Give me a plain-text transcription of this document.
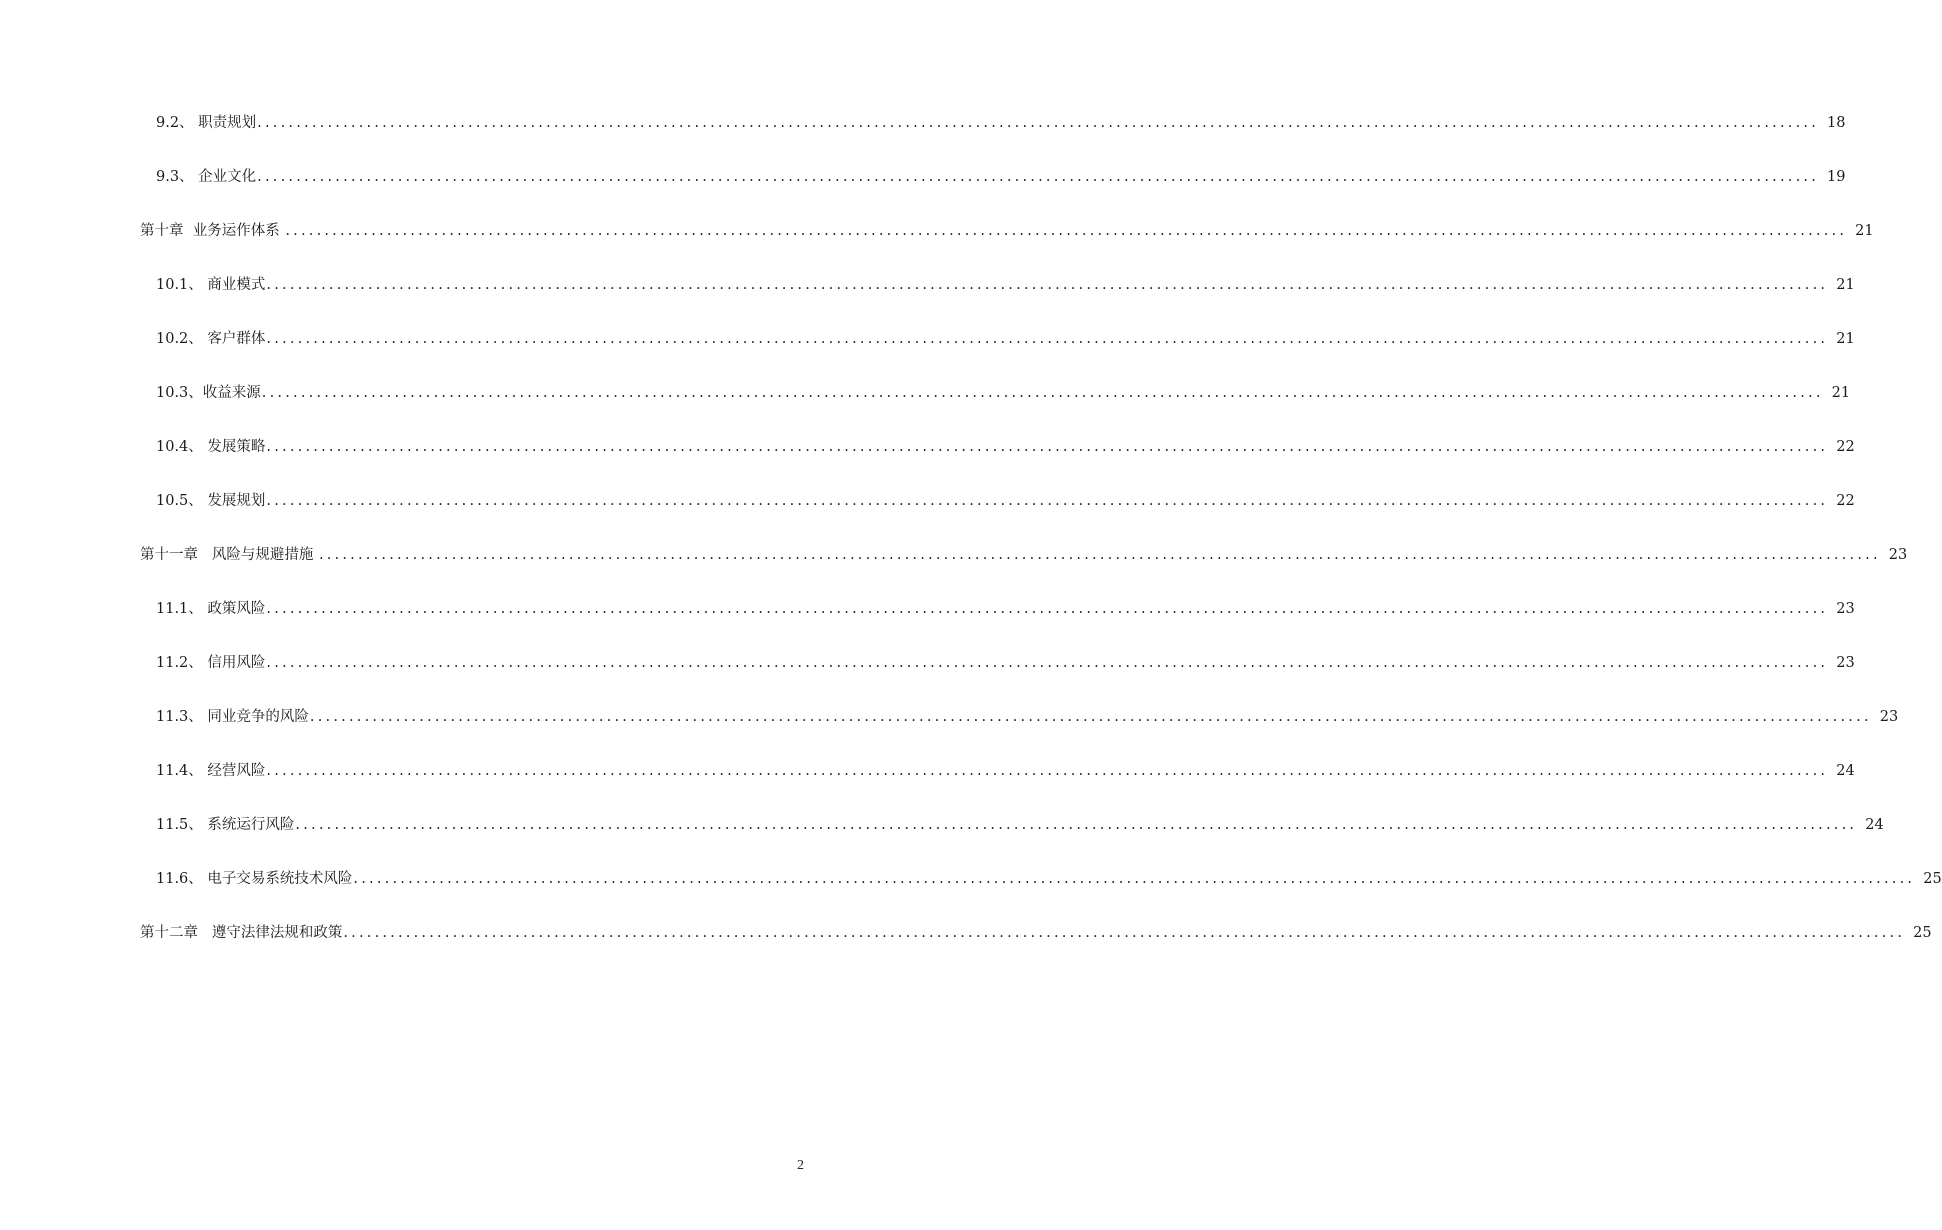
9.2、 职责规划 ........................................................................................................................................................................................................ 18
9.3、 企业文化 ........................................................................................................................................................................................................ 19
第十章  业务运作体系 ........................................................................................................................................................................................................ 21
10.1、 商业模式 ........................................................................................................................................................................................................ 21
10.2、 客户群体 ........................................................................................................................................................................................................ 21
10.3、收益来源 ........................................................................................................................................................................................................ 21
10.4、 发展策略 ........................................................................................................................................................................................................ 22
10.5、 发展规划 ........................................................................................................................................................................................................ 22
第十一章   风险与规避措施 ........................................................................................................................................................................................................ 23
11.1、 政策风险 ........................................................................................................................................................................................................ 23
11.2、 信用风险 ........................................................................................................................................................................................................ 23
11.3、 同业竞争的风险 ........................................................................................................................................................................................................ 23
11.4、 经营风险 ........................................................................................................................................................................................................ 24
11.5、 系统运行风险 ........................................................................................................................................................................................................ 24
11.6、 电子交易系统技术风险 ........................................................................................................................................................................................................ 25
第十二章   遵守法律法规和政策 ........................................................................................................................................................................................................ 25
2
